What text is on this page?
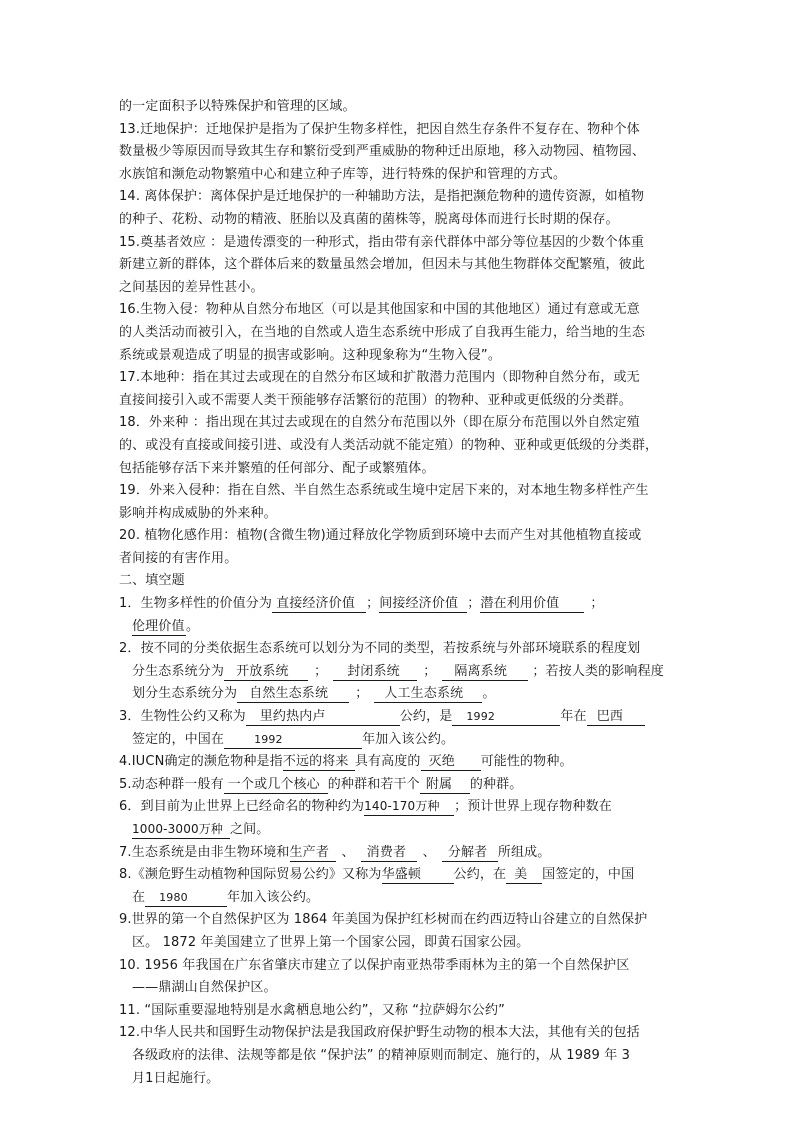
的一定面积予以特殊保护和管理的区域。
13.迁地保护：迁地保护是指为了保护生物多样性，把因自然生存条件不复存在、物种个体
数量极少等原因而导致其生存和繁衍受到严重威胁的物种迁出原地，移入动物园、植物园、
水族馆和濒危动物繁殖中心和建立种子库等，进行特殊的保护和管理的方式。
14. 离体保护：离体保护是迁地保护的一种辅助方法，是指把濒危物种的遗传资源，如植物
的种子、花粉、动物的精液、胚胎以及真菌的菌株等，脱离母体而进行长时期的保存。
15.奠基者效应 ：是遗传漂变的一种形式，指由带有亲代群体中部分等位基因的少数个体重
新建立新的群体，这个群体后来的数量虽然会增加，但因未与其他生物群体交配繁殖，彼此
之间基因的差异性甚小。
16.生物入侵：物种从自然分布地区（可以是其他国家和中国的其他地区）通过有意或无意
的人类活动而被引入，在当地的自然或人造生态系统中形成了自我再生能力，给当地的生态
系统或景观造成了明显的损害或影响。这种现象称为“生物入侵”。
17.本地种：指在其过去或现在的自然分布区域和扩散潜力范围内（即物种自然分布，或无
直接间接引入或不需要人类干预能够存活繁衍的范围）的物种、亚种或更低级的分类群。
18．外来种 ：指出现在其过去或现在的自然分布范围以外（即在原分布范围以外自然定殖
的、或没有直接或间接引进、或没有人类活动就不能定殖）的物种、亚种或更低级的分类群，
包括能够存活下来并繁殖的任何部分、配子或繁殖体。
19．外来入侵种：指在自然、半自然生态系统或生境中定居下来的，对本地生物多样性产生
影响并构成威胁的外来种。
20. 植物化感作用：植物(含微生物)通过释放化学物质到环境中去而产生对其他植物直接或
者间接的有害作用。
二、填空题
1．生物多样性的价值分为 直接经济价值 ；间接经济价值 ；潜在利用价值 ；
伦理价值。
2．按不同的分类依据生态系统可以划分为不同的类型，若按系统与外部环境联系的程度划
分生态系统分为 开放系统 ； 封闭系统 ； 隔离系统 ；若按人类的影响程度
划分生态系统分为 自然生态系统 ； 人工生态系统 。
3．生物性公约又称为 里约热内卢	公约，是 1992	年在 巴西
签定的，中国在	1992	年加入该公约。
4.IUCN确定的濒危物种是指不远的将来 具有高度的 灭绝 可能性的物种。
5.动态种群一般有 一个或几个核心 的种群和若干个 附属 的种群。
6．到目前为止世界上已经命名的物种约为140-170万种 ；预计世界上现存物种数在
1000-3000万种 之间。
7.生态系统是由非生物环境和生产者 、 消费者 、 分解者 所组成。
8.《濒危野生动植物种国际贸易公约》又称为华盛顿	公约，在 美 国签定的，中国
在 1980	年加入该公约。
9.世界的第一个自然保护区为 1864 年美国为保护红杉树而在约西迈特山谷建立的自然保护
区。 1872 年美国建立了世界上第一个国家公园，即黄石国家公园。
10. 1956 年我国在广东省肇庆市建立了以保护南亚热带季雨林为主的第一个自然保护区
——鼎湖山自然保护区。
11. “国际重要湿地特别是水禽栖息地公约”，又称 “拉萨姆尔公约”
12.中华人民共和国野生动物保护法是我国政府保护野生动物的根本大法，其他有关的包括
各级政府的法律、法规等都是依 “保护法” 的精神原则而制定、施行的，从 1989 年 3
月1日起施行。
